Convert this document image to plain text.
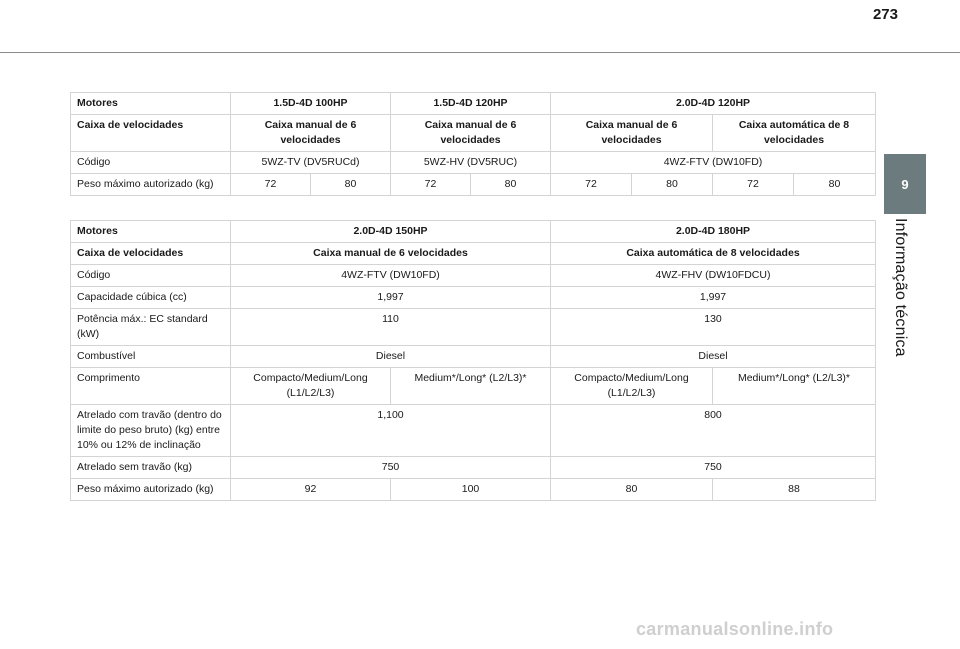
273
9
Informação técnica
Motores	1.5D-4D 100HP		1.5D-4D 120HP		2.0D-4D 120HP			
Caixa de velocidades	Caixa manual de 6 velocidades		Caixa manual de 6 velocidades		Caixa manual de 6 velocidades		Caixa automática de 8 velocidades	
Código	5WZ-TV (DV5RUCd)		5WZ-HV (DV5RUC)		4WZ-FTV (DW10FD)			
Peso máximo autorizado (kg)	72	80	72	80	72	80	72	80
Motores	2.0D-4D 150HP		2.0D-4D 180HP	
Caixa de velocidades	Caixa manual de 6 velocidades		Caixa automática de 8 velocidades	
Código	4WZ-FTV (DW10FD)		4WZ-FHV (DW10FDCU)	
Capacidade cúbica (cc)	1,997		1,997	
Potência máx.: EC standard (kW)	110		130	
Combustível	Diesel		Diesel	
Comprimento	Compacto/Medium/Long (L1/L2/L3)	Medium*/Long* (L2/L3)*	Compacto/Medium/Long (L1/L2/L3)	Medium*/Long* (L2/L3)*
Atrelado com travão (dentro do limite do peso bruto) (kg) entre 10% ou 12% de inclinação	1,100		800	
Atrelado sem travão (kg)	750		750	
Peso máximo autorizado (kg)	92	100	80	88
carmanualsonline.info
